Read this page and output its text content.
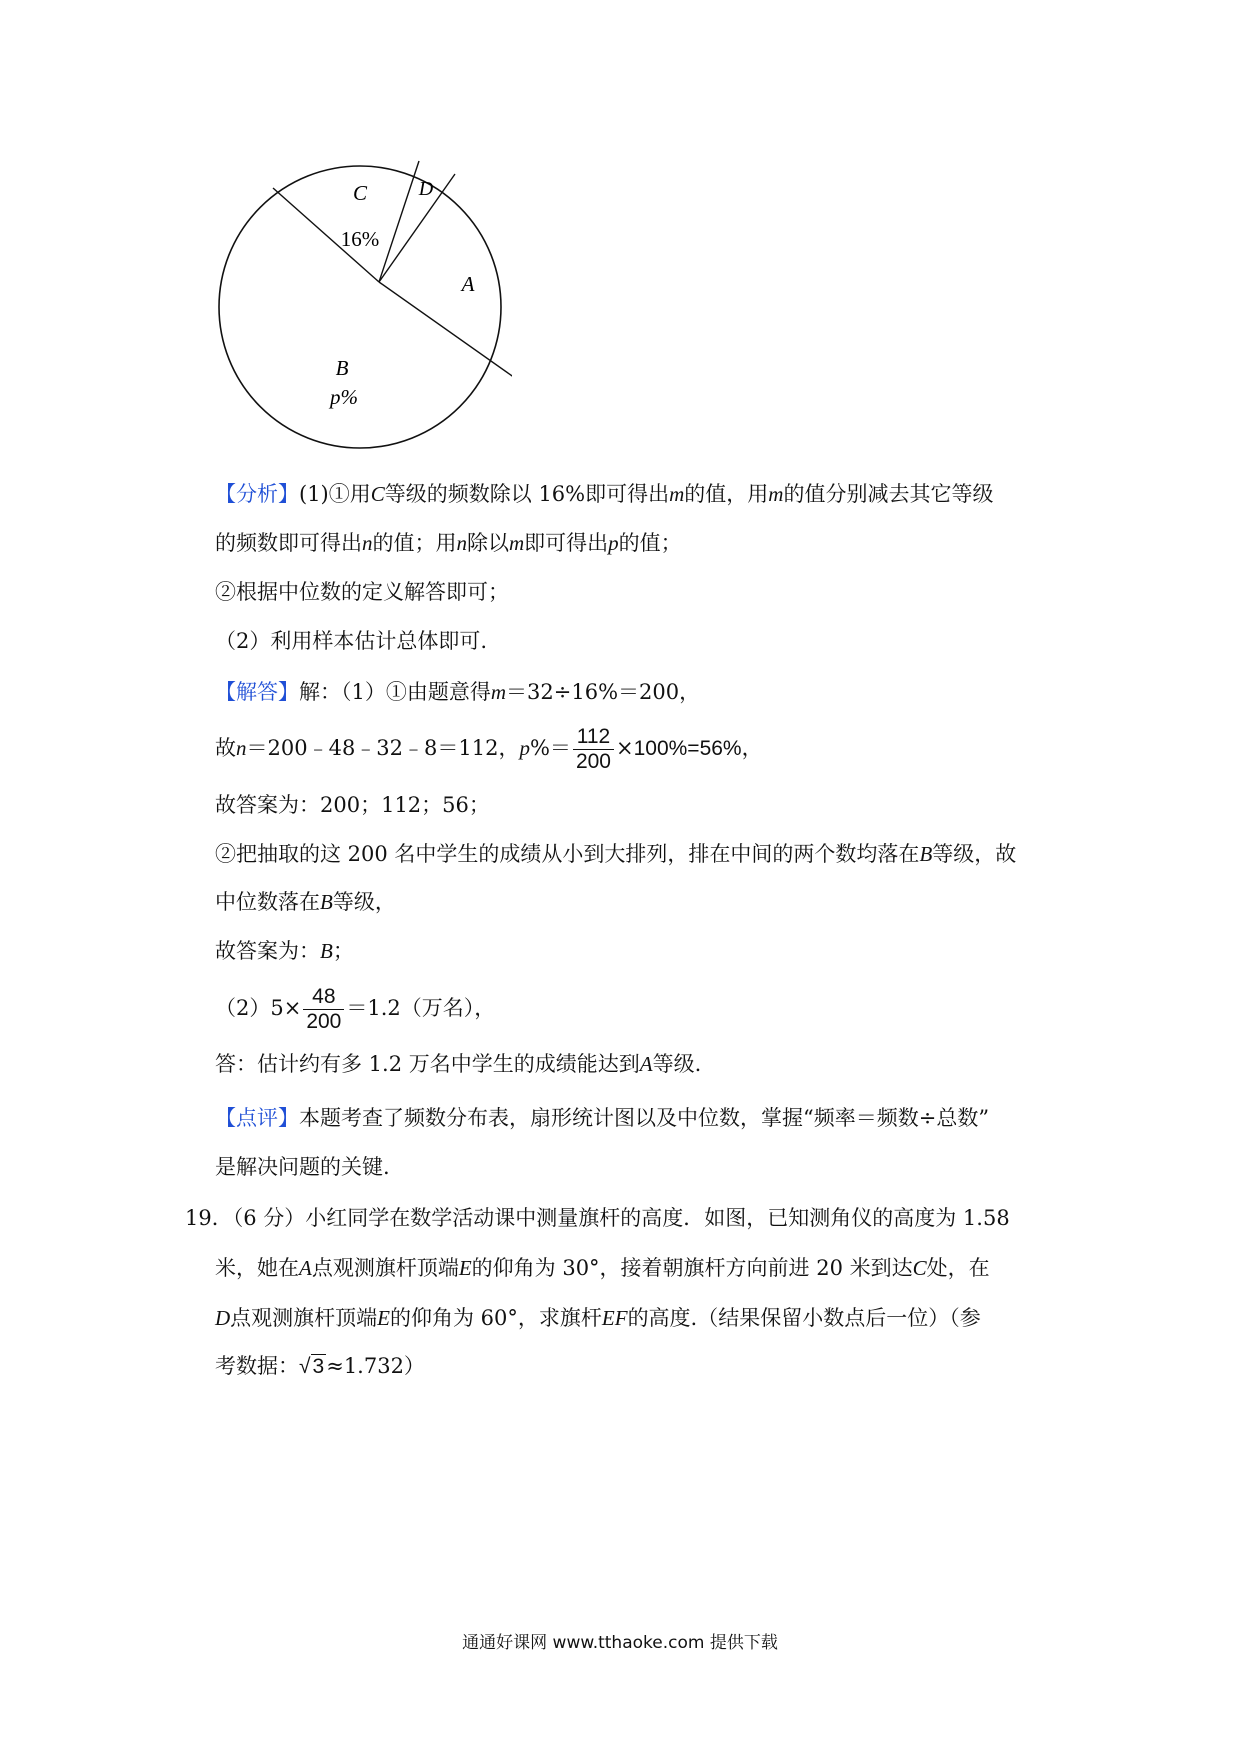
C
16%
D
A
B
p%
【分析】(1)①用C等级的频数除以 16%即可得出m的值，用m的值分别减去其它等级
的频数即可得出n的值；用n除以m即可得出p的值；
②根据中位数的定义解答即可；
（2）利用样本估计总体即可.
【解答】解：（1）①由题意得m＝32÷16%＝200，
故n＝200﹣48﹣32﹣8＝112，$p\%= \frac{112}{200} \times 100\%=56\%$，
故答案为：200；112；56；
②把抽取的这 200 名中学生的成绩从小到大排列，排在中间的两个数均落在B等级，故
中位数落在B等级，
故答案为：B；
$(2)5\times \frac{48}{200} =1.2$（万名），
答：估计约有多 1.2 万名中学生的成绩能达到A等级.
【点评】本题考查了频数分布表，扇形统计图以及中位数，掌握“频率＝频数÷总数”
是解决问题的关键.
19．（6 分）小红同学在数学活动课中测量旗杆的高度．如图，已知测角仪的高度为 1.58
米，她在A点观测旗杆顶端E的仰角为 30°，接着朝旗杆方向前进 20 米到达C处，在
D点观测旗杆顶端E的仰角为 60°，求旗杆EF的高度.（结果保留小数点后一位）（参
考数据：√3≈1.732）
通通好课网 www.tthaoke.com 提供下载
